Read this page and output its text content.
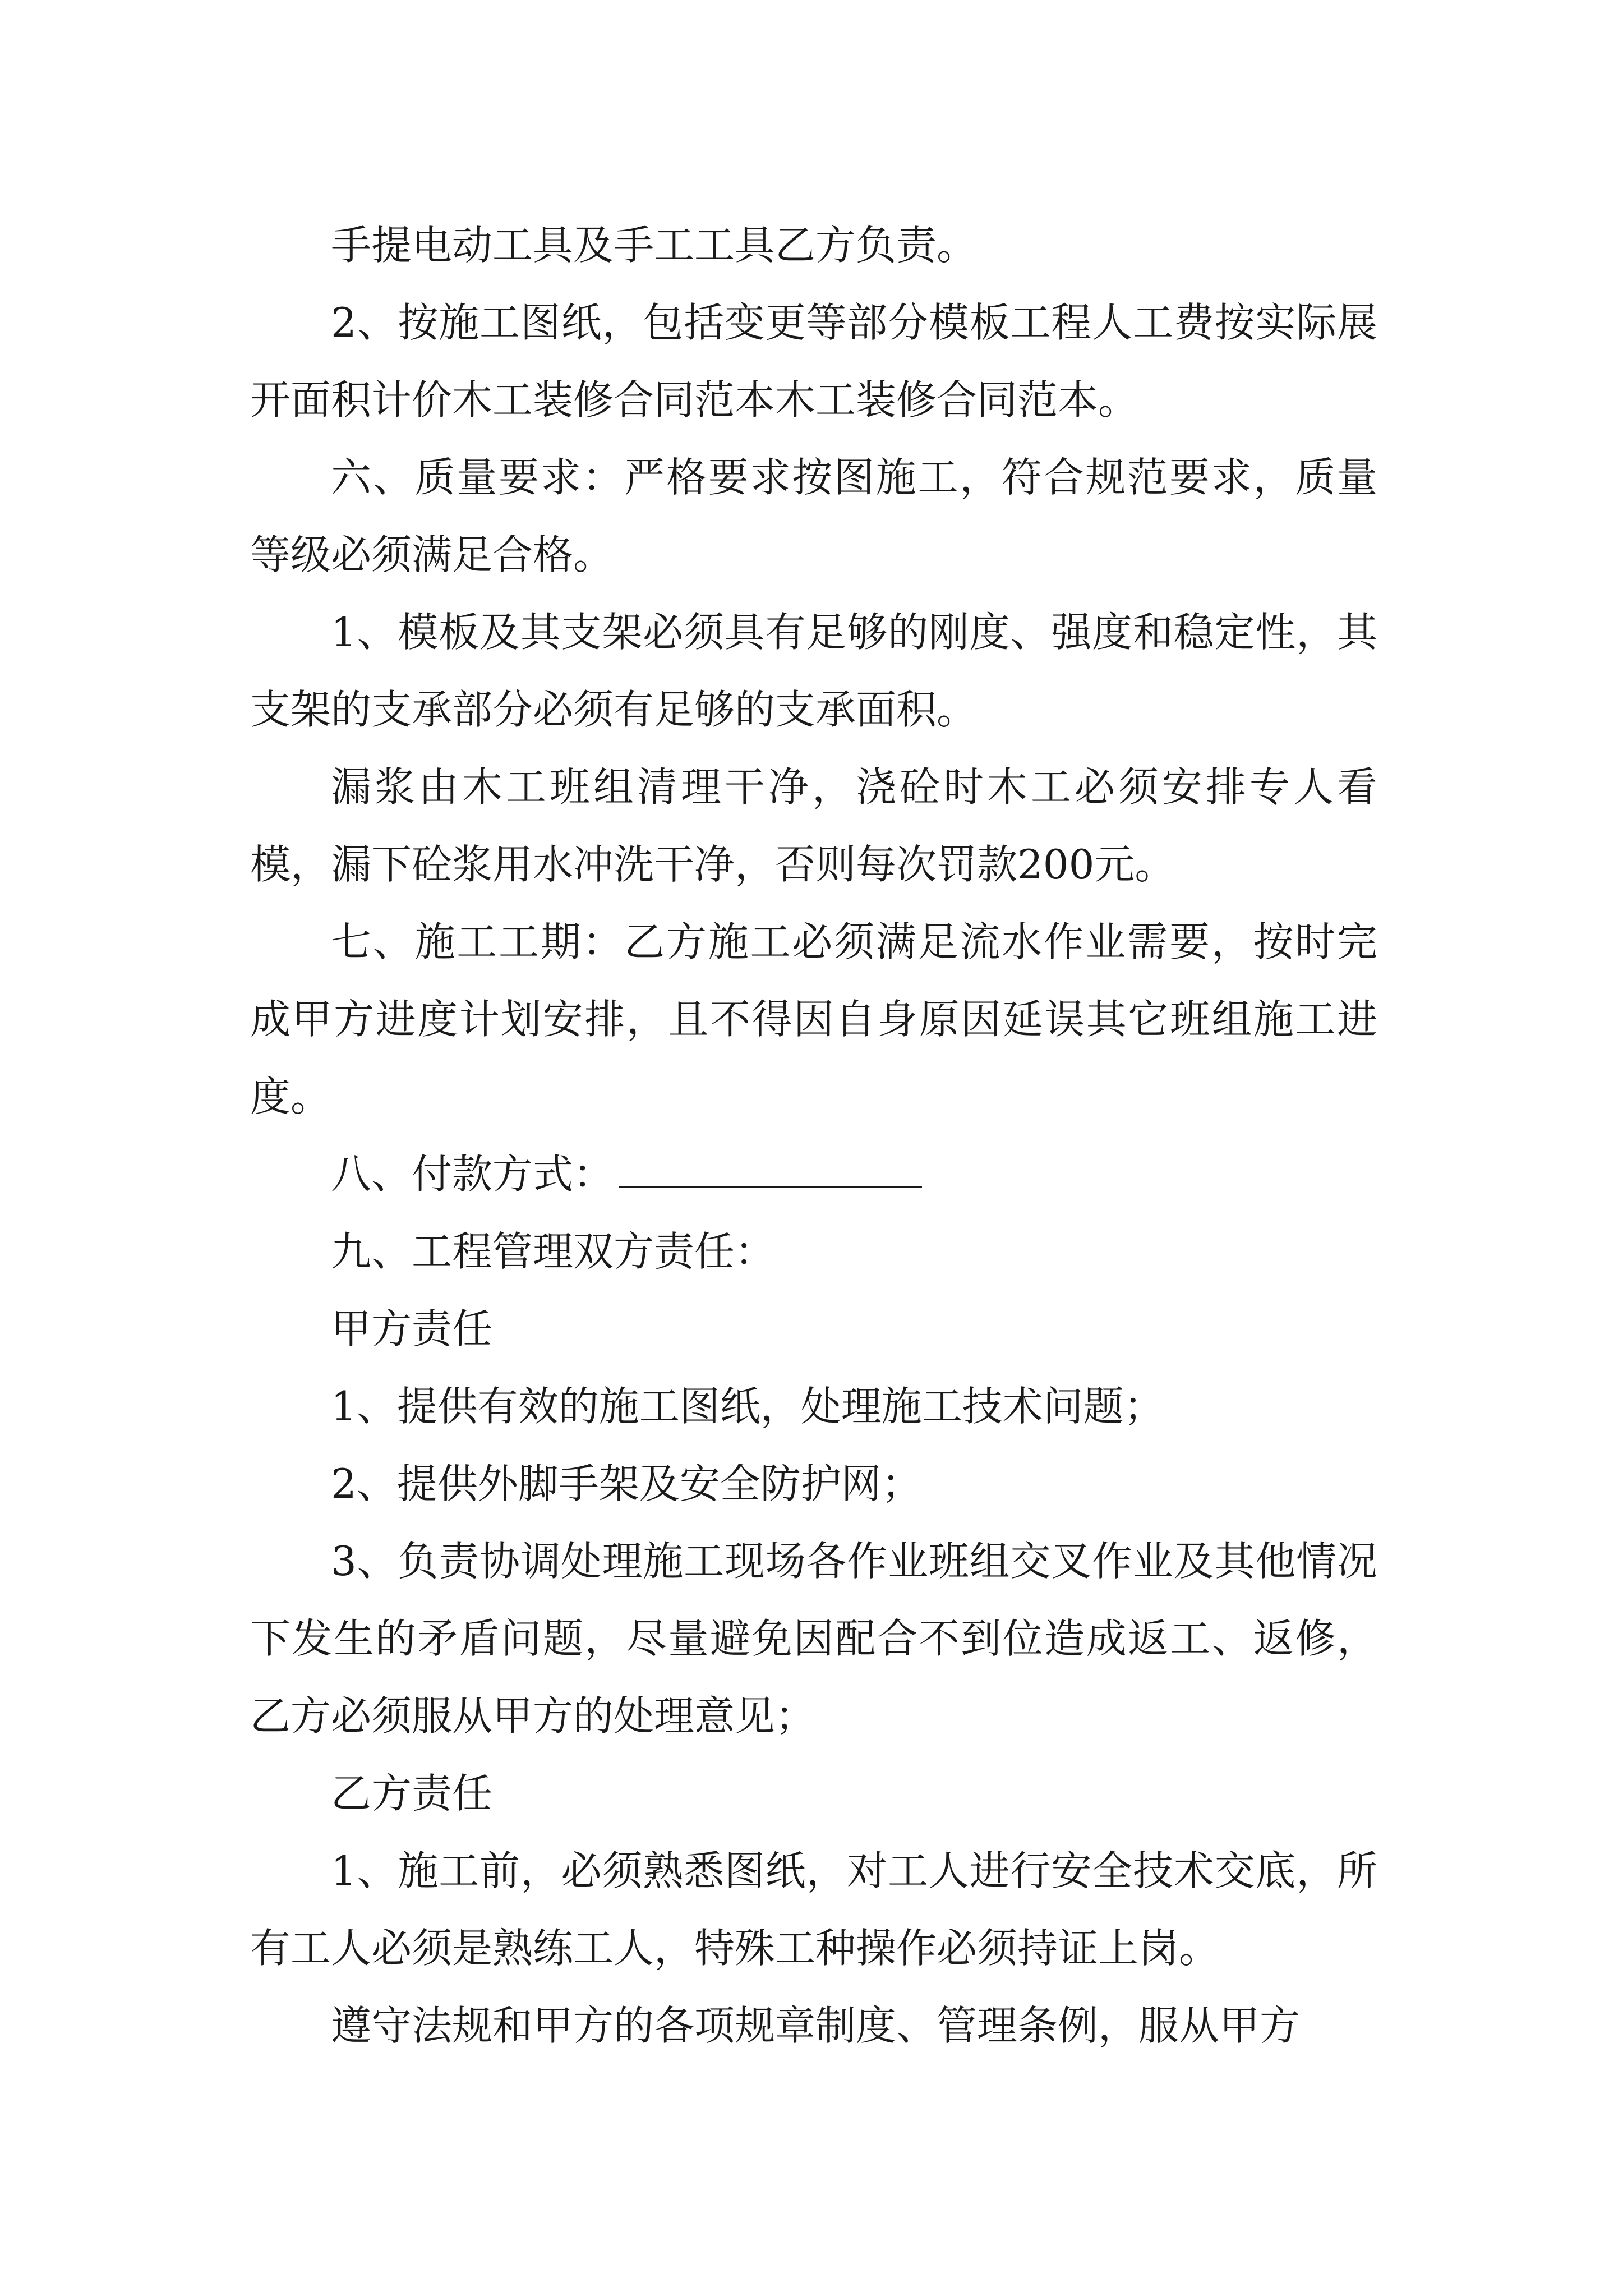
手提电动工具及手工工具乙方负责。

2、按施工图纸，包括变更等部分模板工程人工费按实际展开面积计价木工装修合同范本木工装修合同范本。

六、质量要求：严格要求按图施工，符合规范要求，质量等级必须满足合格。

1、模板及其支架必须具有足够的刚度、强度和稳定性，其支架的支承部分必须有足够的支承面积。

漏浆由木工班组清理干净，浇砼时木工必须安排专人看模，漏下砼浆用水冲洗干净，否则每次罚款200元。

七、施工工期：乙方施工必须满足流水作业需要，按时完成甲方进度计划安排，且不得因自身原因延误其它班组施工进度。

八、付款方式：

九、工程管理双方责任：

甲方责任

1、提供有效的施工图纸，处理施工技术问题；

2、提供外脚手架及安全防护网；

3、负责协调处理施工现场各作业班组交叉作业及其他情况下发生的矛盾问题，尽量避免因配合不到位造成返工、返修，乙方必须服从甲方的处理意见；

乙方责任

1、施工前，必须熟悉图纸，对工人进行安全技术交底，所有工人必须是熟练工人，特殊工种操作必须持证上岗。

遵守法规和甲方的各项规章制度、管理条例，服从甲方
